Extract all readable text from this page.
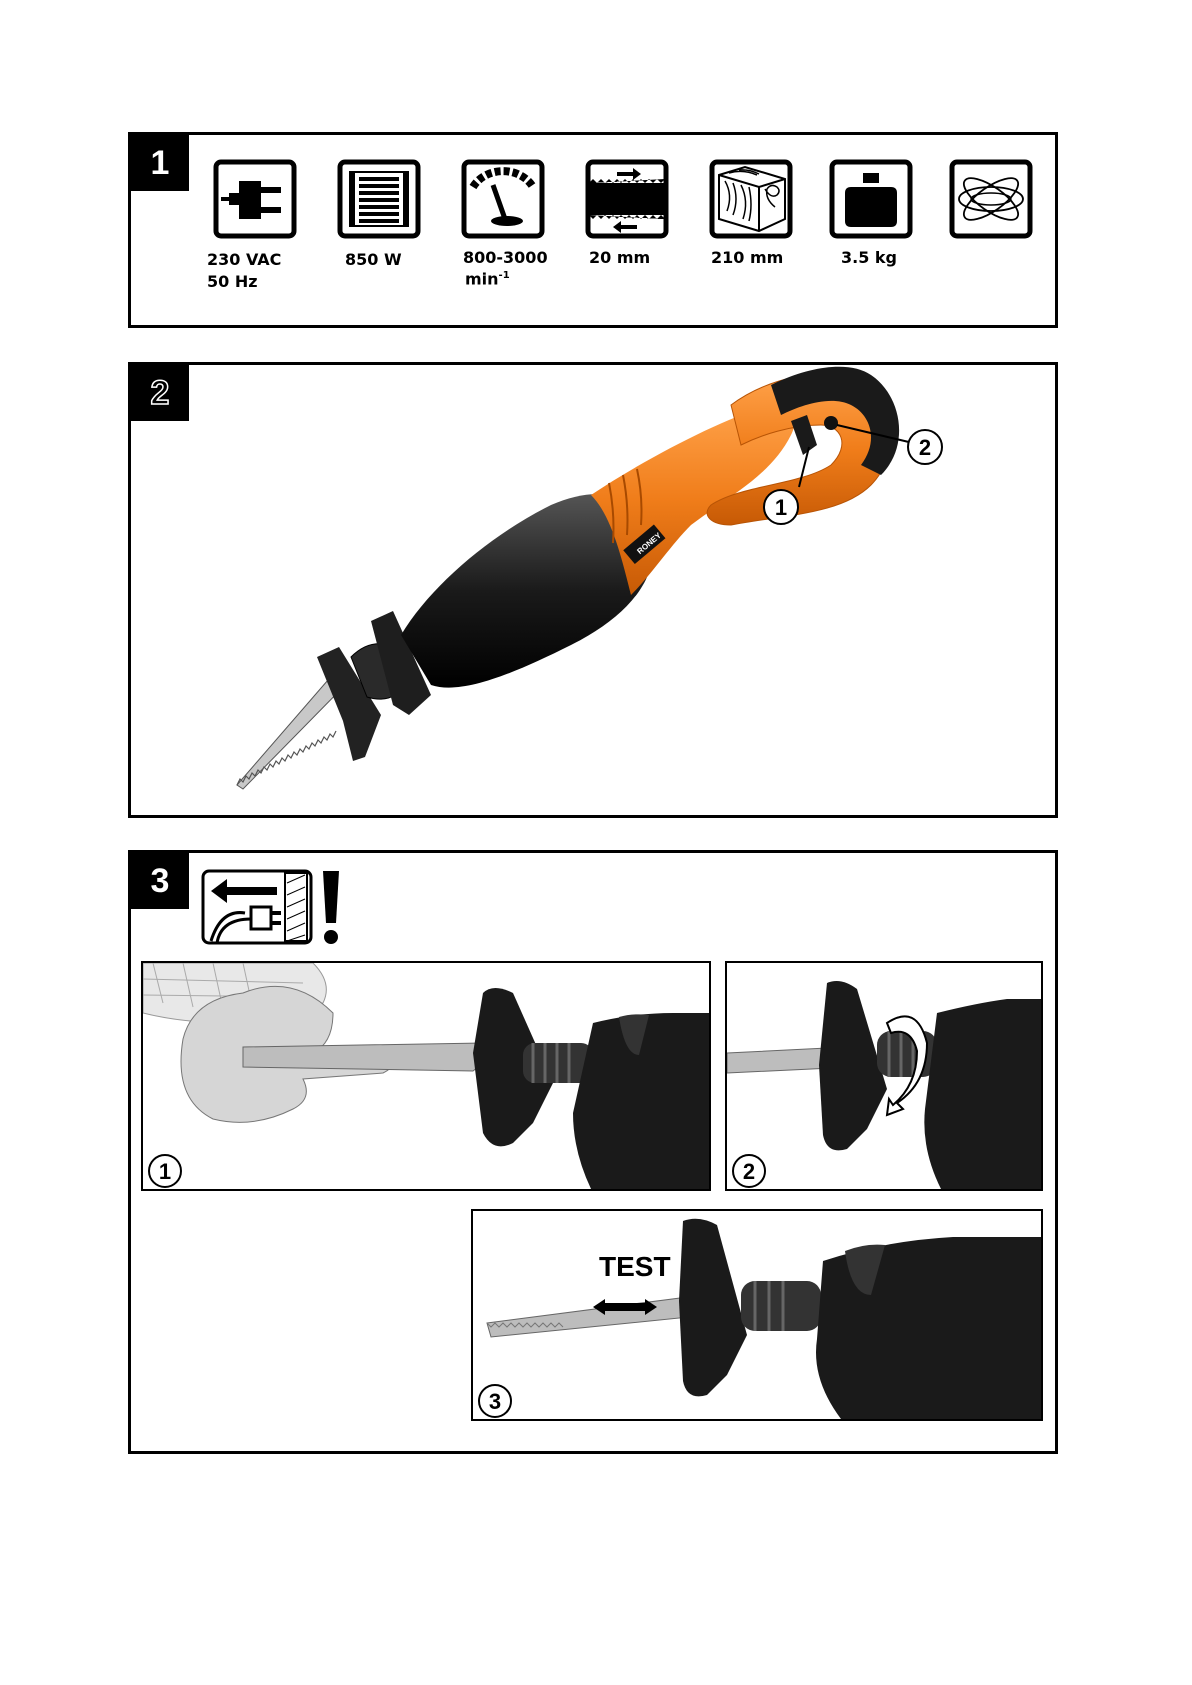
1
230 VAC
50 Hz
850 W	800-3000
$\min^{-1}$
20 mm	210 mm	3.5 kg
2
RONEY
1
2
3
1	2
TEST
3
